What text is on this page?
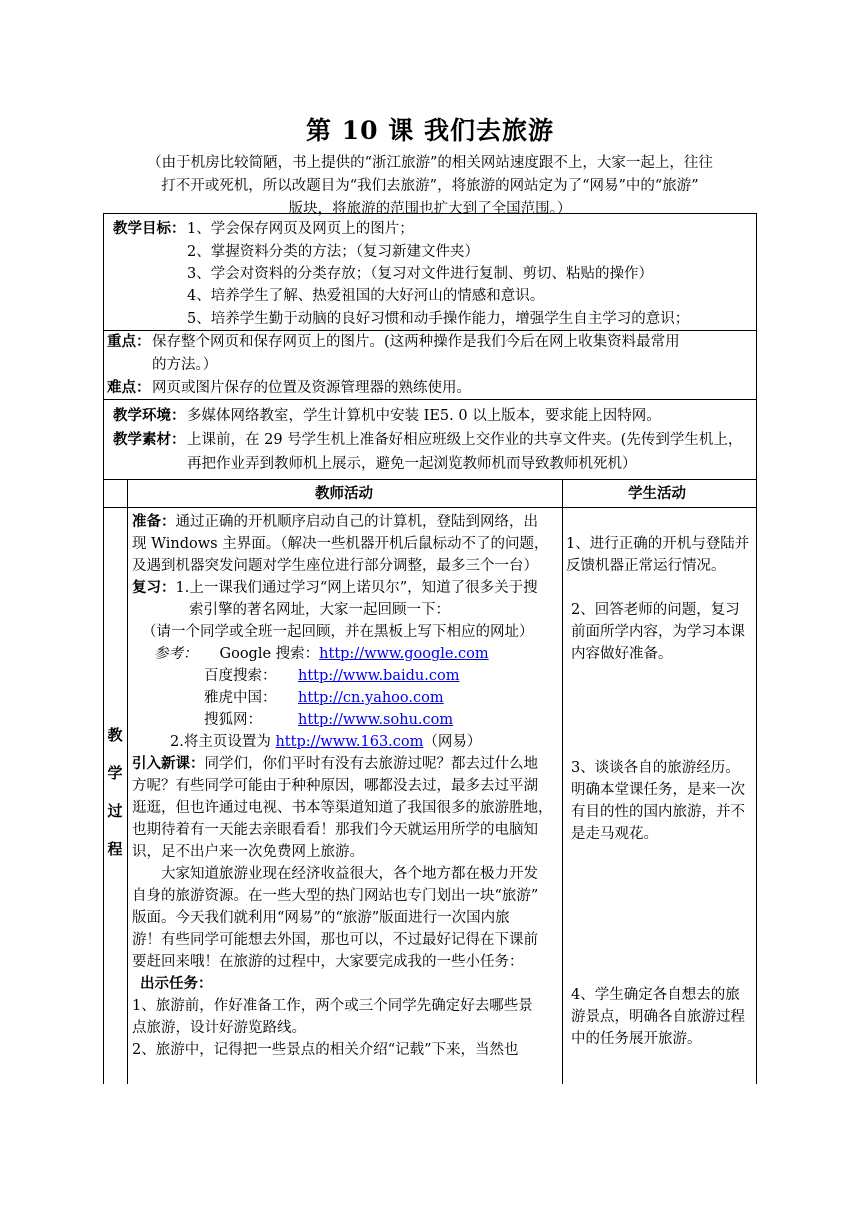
第 10 课 我们去旅游
（由于机房比较简陋，书上提供的“浙江旅游”的相关网站速度跟不上，大家一起上，往往
打不开或死机，所以改题目为“我们去旅游”，将旅游的网站定为了“网易”中的“旅游”
版块，将旅游的范围也扩大到了全国范围。）
教学目标： 1、学会保存网页及网页上的图片；
2、掌握资料分类的方法；（复习新建文件夹）
3、学会对资料的分类存放；（复习对文件进行复制、剪切、粘贴的操作）
4、培养学生了解、热爱祖国的大好河山的情感和意识。
5、培养学生勤于动脑的良好习惯和动手操作能力，增强学生自主学习的意识；
重点： 保存整个网页和保存网页上的图片。(这两种操作是我们今后在网上收集资料最常用
的方法。）
难点： 网页或图片保存的位置及资源管理器的熟练使用。
教学环境： 多媒体网络教室，学生计算机中安装 IE5. 0 以上版本，要求能上因特网。
教学素材： 上课前，在 29 号学生机上准备好相应班级上交作业的共享文件夹。(先传到学生机上，
再把作业弄到教师机上展示，避免一起浏览教师机而导致教师机死机）
教师活动	学生活动
教
学
过
程
准备：通过正确的开机顺序启动自己的计算机，登陆到网络，出
现 Windows 主界面。（解决一些机器开机后鼠标动不了的问题，
及遇到机器突发问题对学生座位进行部分调整，最多三个一台）
复习：1.上一课我们通过学习“网上诺贝尔”，知道了很多关于搜
索引擎的著名网址，大家一起回顾一下：
（请一个同学或全班一起回顾，并在黑板上写下相应的网址）
参考： Google 搜索：http://www.google.com
百度搜索： http://www.baidu.com
雅虎中国： http://cn.yahoo.com
搜狐网： http://www.sohu.com
2.将主页设置为 http://www.163.com（网易）
引入新课：同学们，你们平时有没有去旅游过呢？都去过什么地
方呢？有些同学可能由于种种原因，哪都没去过，最多去过平湖
逛逛，但也许通过电视、书本等渠道知道了我国很多的旅游胜地，
也期待着有一天能去亲眼看看！那我们今天就运用所学的电脑知
识，足不出户来一次免费网上旅游。
大家知道旅游业现在经济收益很大，各个地方都在极力开发
自身的旅游资源。在一些大型的热门网站也专门划出一块“旅游”
版面。今天我们就利用“网易”的“旅游”版面进行一次国内旅
游！有些同学可能想去外国，那也可以，不过最好记得在下课前
要赶回来哦！在旅游的过程中，大家要完成我的一些小任务：
出示任务：
1、旅游前，作好准备工作，两个或三个同学先确定好去哪些景
点旅游，设计好游览路线。
2、旅游中，记得把一些景点的相关介绍“记载”下来，当然也
1、进行正确的开机与登陆并
反馈机器正常运行情况。
2、回答老师的问题，复习
前面所学内容，为学习本课
内容做好准备。
3、谈谈各自的旅游经历。
明确本堂课任务，是来一次
有目的性的国内旅游，并不
是走马观花。
4、学生确定各自想去的旅
游景点，明确各自旅游过程
中的任务展开旅游。
